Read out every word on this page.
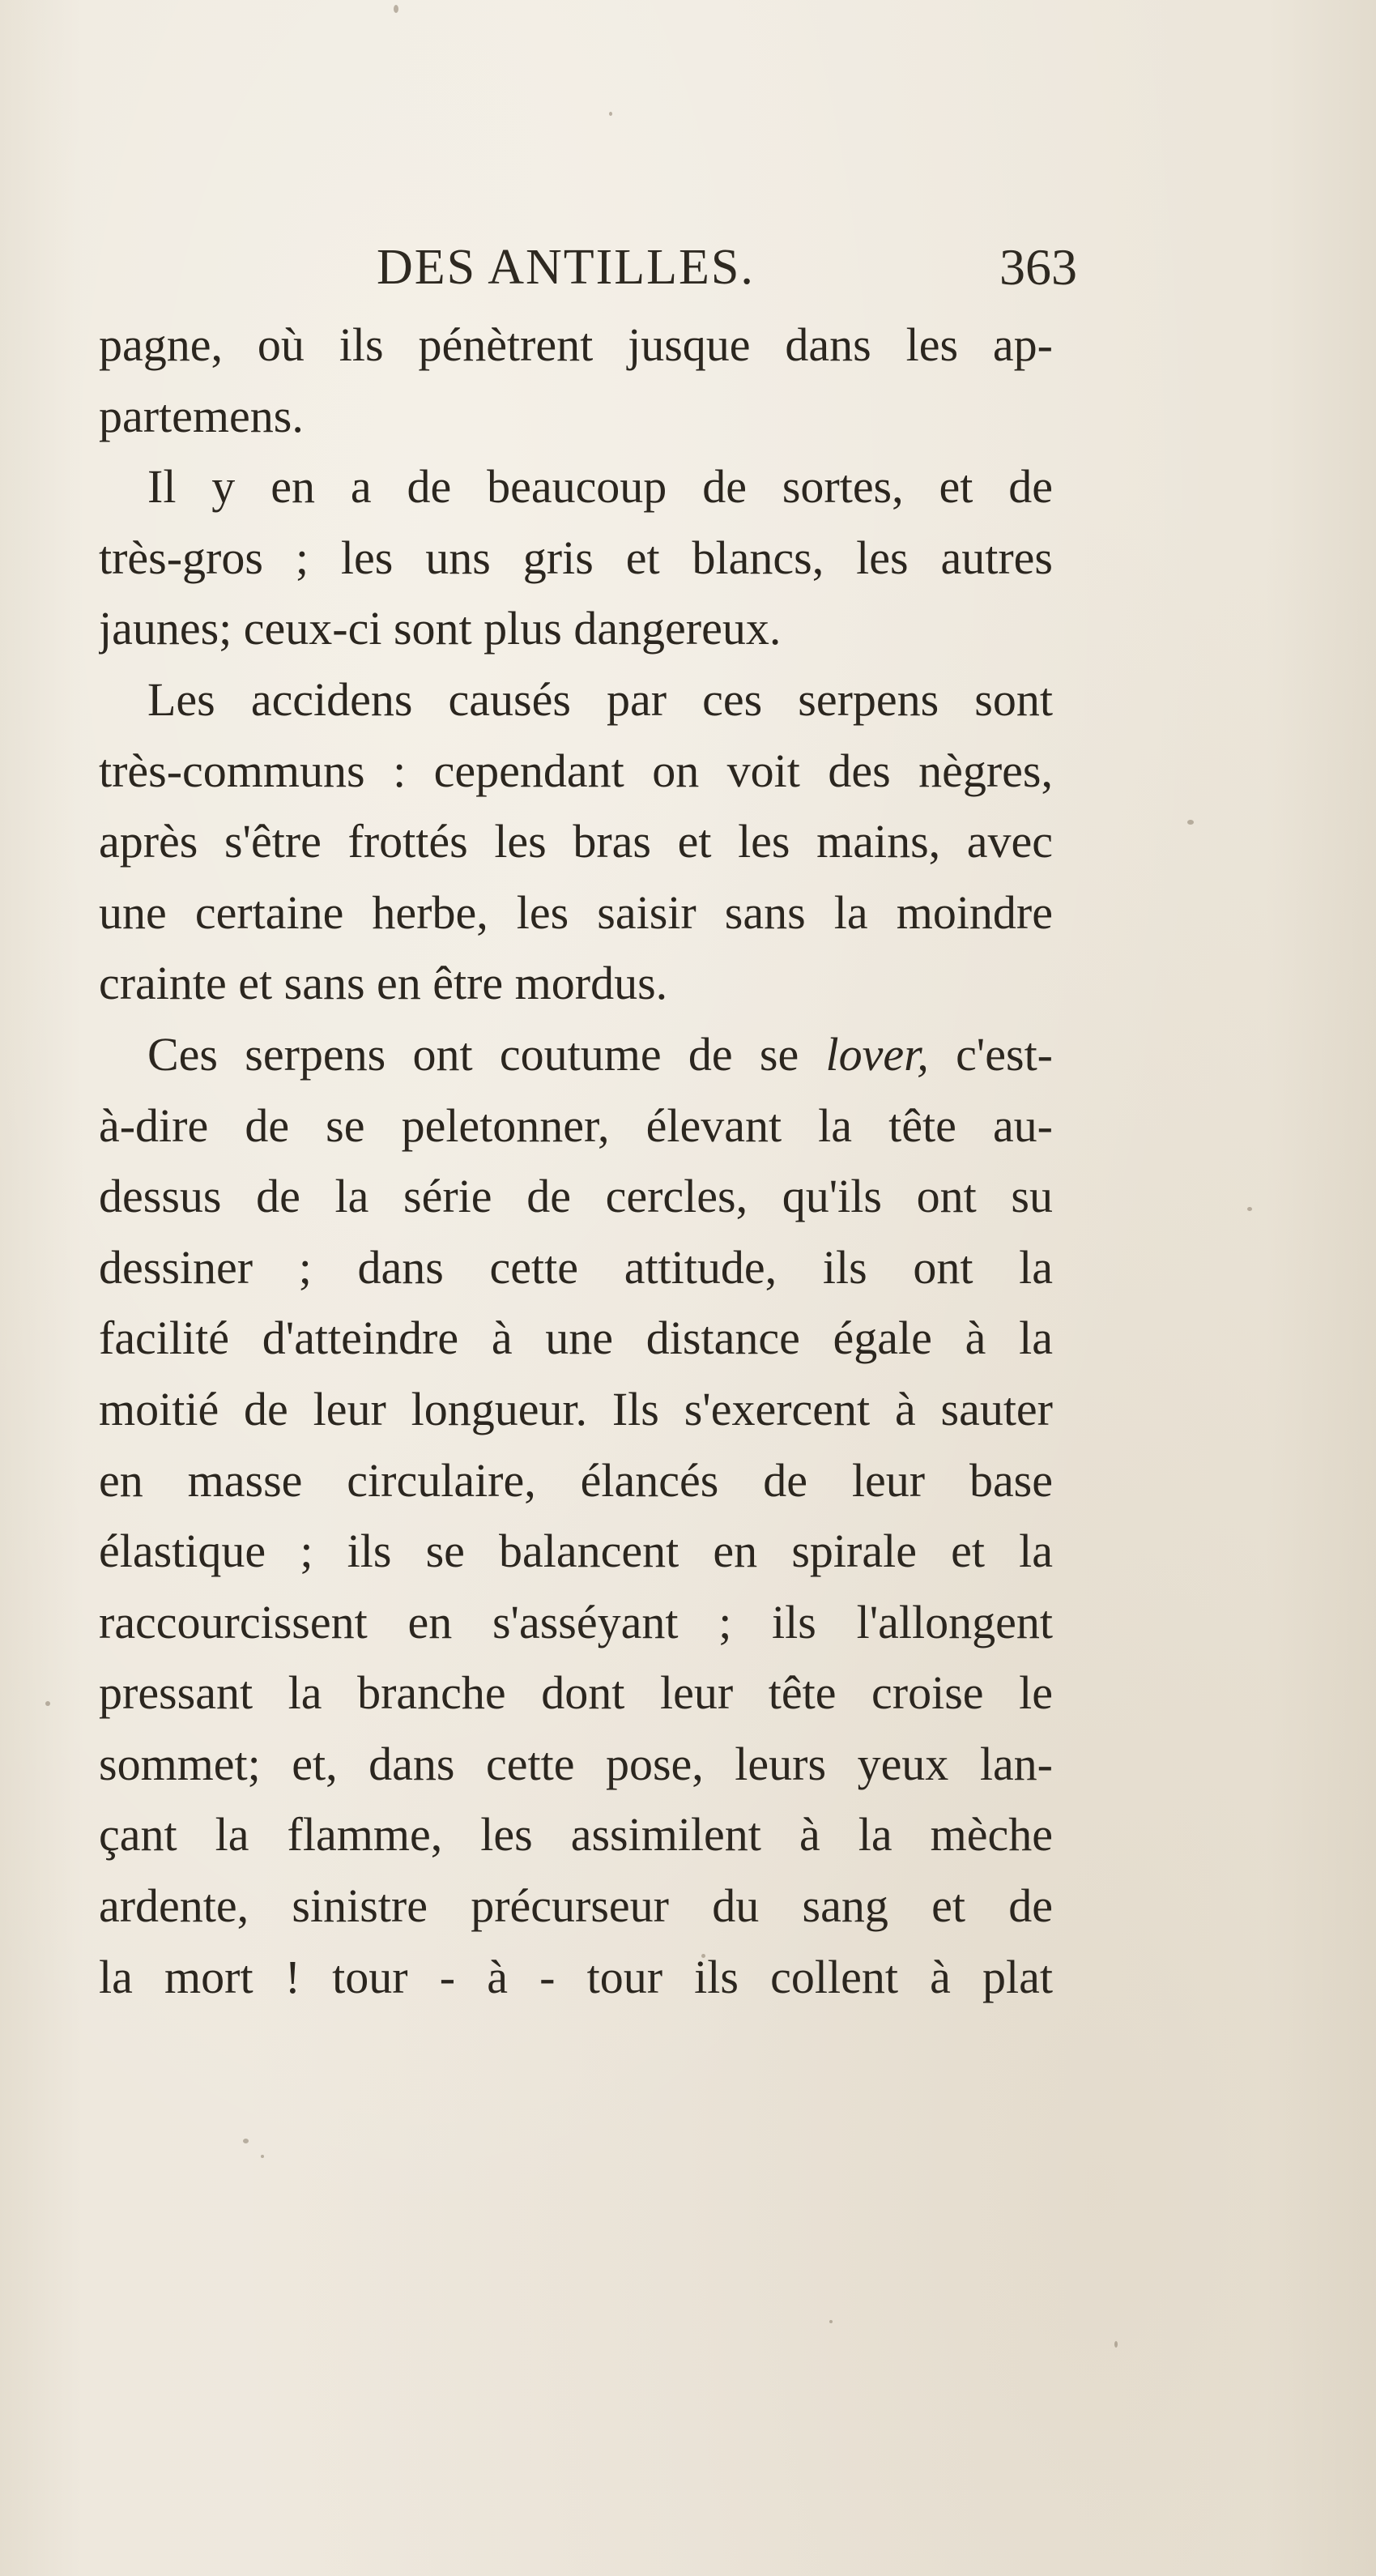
DES ANTILLES.	363
pagne, où ils pénètrent jusque dans les ap-
partemens.
Il y en a de beaucoup de sortes, et de
très-gros ; les uns gris et blancs, les autres
jaunes; ceux-ci sont plus dangereux.
Les accidens causés par ces serpens sont
très-communs : cependant on voit des nègres,
après s'être frottés les bras et les mains, avec
une certaine herbe, les saisir sans la moindre
crainte et sans en être mordus.
Ces serpens ont coutume de se lover, c'est-
à-dire de se peletonner, élevant la tête au-
dessus de la série de cercles, qu'ils ont su
dessiner ; dans cette attitude, ils ont la
facilité d'atteindre à une distance égale à la
moitié de leur longueur. Ils s'exercent à sauter
en masse circulaire, élancés de leur base
élastique ; ils se balancent en spirale et la
raccourcissent en s'asséyant ; ils l'allongent
pressant la branche dont leur tête croise le
sommet; et, dans cette pose, leurs yeux lan-
çant la flamme, les assimilent à la mèche
ardente, sinistre précurseur du sang et de
la mort ! tour - à - tour ils collent à plat
